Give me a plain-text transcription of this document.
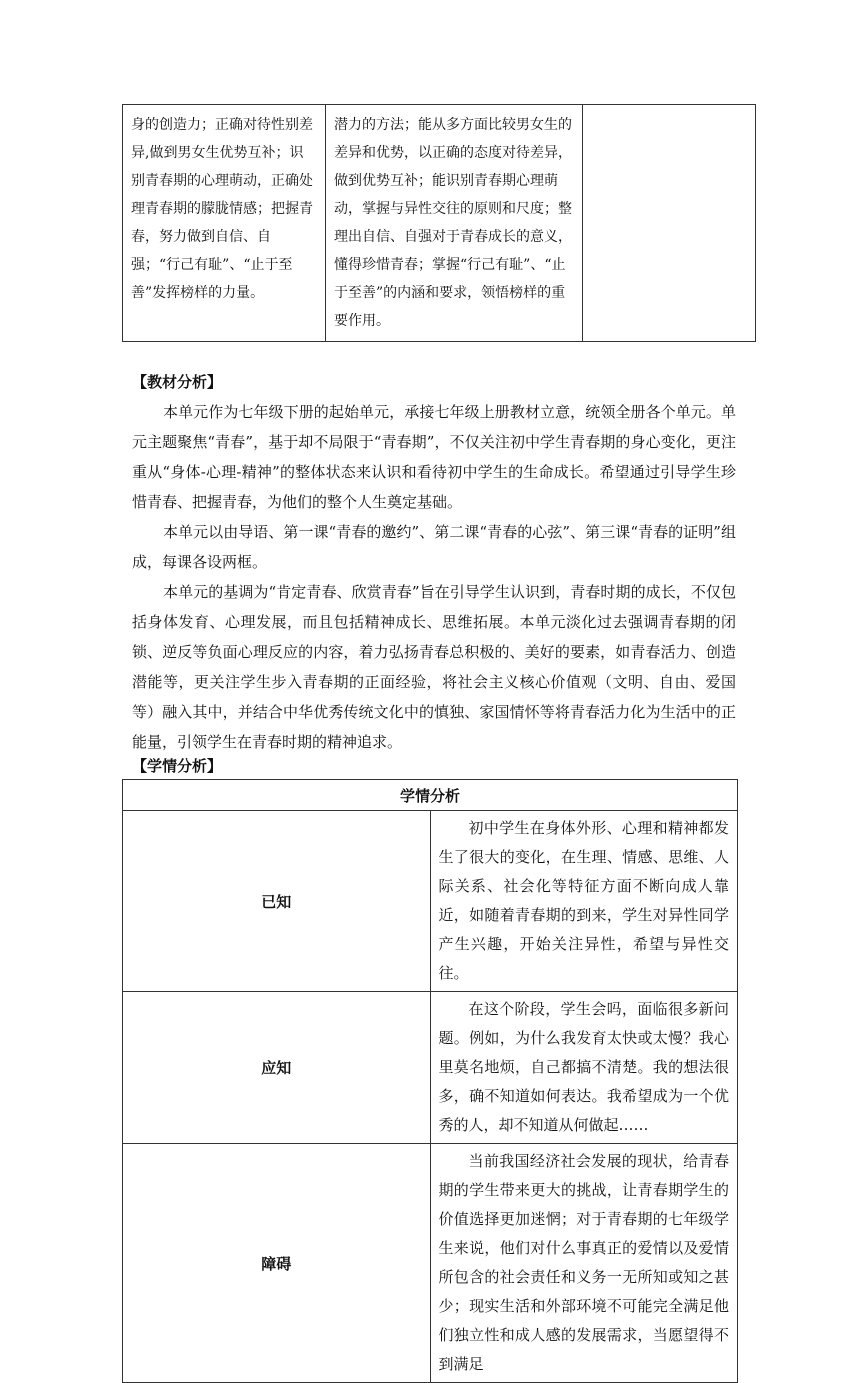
身的创造力；正确对待性别差异,做到男女生优势互补；识别青春期的心理萌动，正确处理青春期的朦胧情感；把握青春，努力做到自信、自强；“行己有耻”、“止于至善”发挥榜样的力量。	潜力的方法；能从多方面比较男女生的差异和优势，以正确的态度对待差异，做到优势互补；能识别青春期心理萌动，掌握与异性交往的原则和尺度；整理出自信、自强对于青春成长的意义，懂得珍惜青春；掌握“行己有耻”、“止于至善”的内涵和要求，领悟榜样的重要作用。	
【教材分析】

本单元作为七年级下册的起始单元，承接七年级上册教材立意，统领全册各个单元。单元主题聚焦“青春”，基于却不局限于“青春期”，不仅关注初中学生青春期的身心变化，更注重从“身体-心理-精神”的整体状态来认识和看待初中学生的生命成长。希望通过引导学生珍惜青春、把握青春，为他们的整个人生奠定基础。

本单元以由导语、第一课“青春的邀约”、第二课“青春的心弦”、第三课“青春的证明”组成，每课各设两框。

本单元的基调为“肯定青春、欣赏青春”旨在引导学生认识到，青春时期的成长，不仅包括身体发育、心理发展，而且包括精神成长、思维拓展。本单元淡化过去强调青春期的闭锁、逆反等负面心理反应的内容，着力弘扬青春总积极的、美好的要素，如青春活力、创造潜能等，更关注学生步入青春期的正面经验，将社会主义核心价值观（文明、自由、爱国等）融入其中，并结合中华优秀传统文化中的慎独、家国情怀等将青春活力化为生活中的正能量，引领学生在青春时期的精神追求。

【学情分析】
学情分析	
已知	初中学生在身体外形、心理和精神都发生了很大的变化，在生理、情感、思维、人际关系、社会化等特征方面不断向成人靠近，如随着青春期的到来，学生对异性同学产生兴趣，开始关注异性，希望与异性交往。
应知	在这个阶段，学生会吗，面临很多新问题。例如，为什么我发育太快或太慢？我心里莫名地烦，自己都搞不清楚。我的想法很多，确不知道如何表达。我希望成为一个优秀的人，却不知道从何做起……
障碍	当前我国经济社会发展的现状，给青春期的学生带来更大的挑战，让青春期学生的价值选择更加迷惘；对于青春期的七年级学生来说，他们对什么事真正的爱情以及爱情所包含的社会责任和义务一无所知或知之甚少；现实生活和外部环境不可能完全满足他们独立性和成人感的发展需求，当愿望得不到满足
